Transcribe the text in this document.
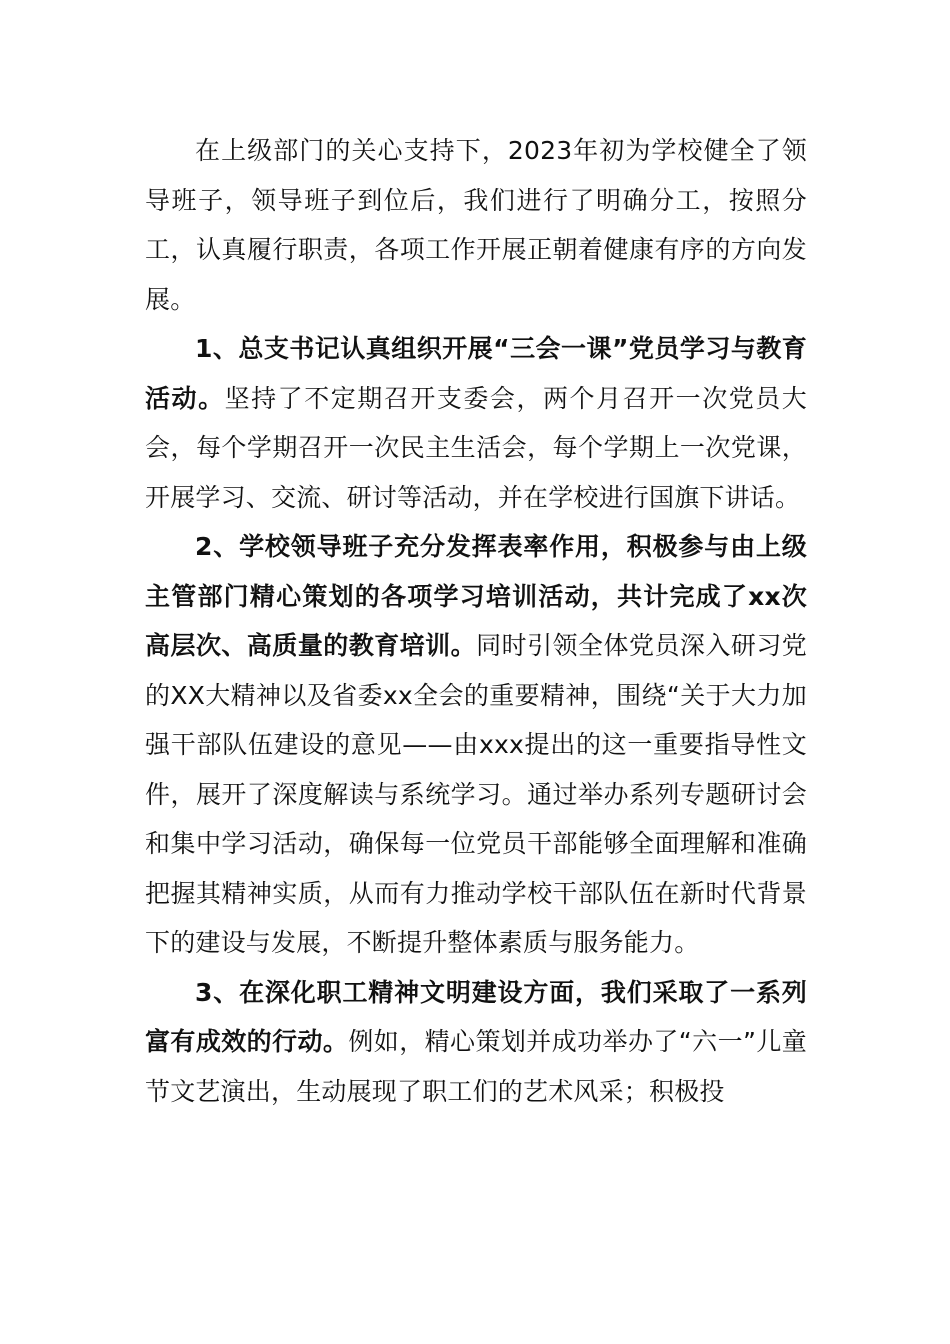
在上级部门的关心支持下，2023年初为学校健全了领导班子，领导班子到位后，我们进行了明确分工，按照分工，认真履行职责，各项工作开展正朝着健康有序的方向发展。

1、总支书记认真组织开展“三会一课”党员学习与教育活动。坚持了不定期召开支委会，两个月召开一次党员大会，每个学期召开一次民主生活会，每个学期上一次党课，开展学习、交流、研讨等活动，并在学校进行国旗下讲话。

2、学校领导班子充分发挥表率作用，积极参与由上级主管部门精心策划的各项学习培训活动，共计完成了xx次高层次、高质量的教育培训。同时引领全体党员深入研习党的XX大精神以及省委xx全会的重要精神，围绕“关于大力加强干部队伍建设的意见——由xxx提出的这一重要指导性文件，展开了深度解读与系统学习。通过举办系列专题研讨会和集中学习活动，确保每一位党员干部能够全面理解和准确把握其精神实质，从而有力推动学校干部队伍在新时代背景下的建设与发展，不断提升整体素质与服务能力。

3、在深化职工精神文明建设方面，我们采取了一系列富有成效的行动。例如，精心策划并成功举办了“六一”儿童节文艺演出，生动展现了职工们的艺术风采；积极投
